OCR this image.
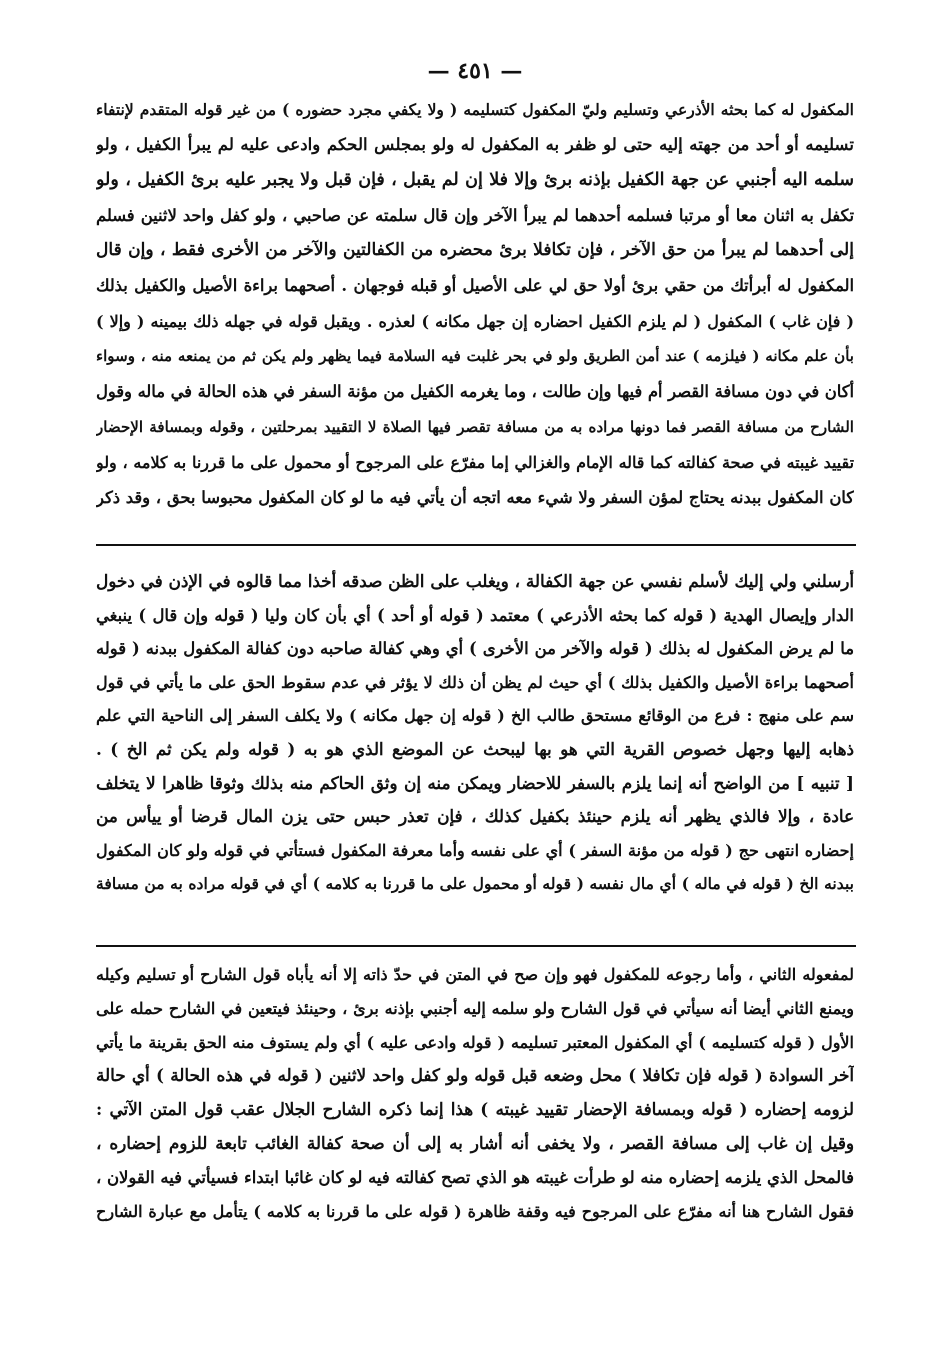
— ٤٥١ —
المكفول له كما بحثه الأذرعي وتسليم وليّ المكفول كتسليمه ( ولا يكفي مجرد حضوره ) من غير قوله المتقدم لإنتفاء
تسليمه أو أحد من جهته إليه حتى لو ظفر به المكفول له ولو بمجلس الحكم وادعى عليه لم يبرأ الكفيل ، ولو
سلمه اليه أجنبي عن جهة الكفيل بإذنه برئ وإلا فلا إن لم يقبل ، فإن قبل ولا يجبر عليه برئ الكفيل ، ولو
تكفل به اثنان معا أو مرتبا فسلمه أحدهما لم يبرأ الآخر وإن قال سلمته عن صاحبي ، ولو كفل واحد لاثنين فسلم
إلى أحدهما لم يبرأ من حق الآخر ، فإن تكافلا برئ محضره من الكفالتين والآخر من الأخرى فقط ، وإن قال
المكفول له أبرأتك من حقي برئ أولا حق لي على الأصيل أو قبله فوجهان . أصحهما براءة الأصيل والكفيل بذلك
( فإن غاب ) المكفول ( لم يلزم الكفيل احضاره إن جهل مكانه ) لعذره . ويقبل قوله في جهله ذلك بيمينه ( وإلا )
بأن علم مكانه ( فيلزمه ) عند أمن الطريق ولو في بحر غلبت فيه السلامة فيما يظهر ولم يكن ثم من يمنعه منه ، وسواء
أكان في دون مسافة القصر أم فيها وإن طالت ، وما يغرمه الكفيل من مؤنة السفر في هذه الحالة في ماله وقول
الشارح من مسافة القصر فما دونها مراده به من مسافة تقصر فيها الصلاة لا التقييد بمرحلتين ، وقوله وبمسافة الإحضار
تقييد غيبته في صحة كفالته كما قاله الإمام والغزالي إما مفرّع على المرجوح أو محمول على ما قررنا به كلامه ، ولو
كان المكفول ببدنه يحتاج لمؤن السفر ولا شيء معه اتجه أن يأتي فيه ما لو كان المكفول محبوسا بحق ، وقد ذكر
أرسلني ولي إليك لأسلم نفسي عن جهة الكفالة ، ويغلب على الظن صدقه أخذا مما قالوه في الإذن في دخول
الدار وإيصال الهدية ( قوله كما بحثه الأذرعي ) معتمد ( قوله أو أحد ) أي بأن كان وليا ( قوله وإن قال ) ينبغي
ما لم يرض المكفول له بذلك ( قوله والآخر من الأخرى ) أي وهي كفالة صاحبه دون كفالة المكفول ببدنه ( قوله
أصحهما براءة الأصيل والكفيل بذلك ) أي حيث لم يظن أن ذلك لا يؤثر في عدم سقوط الحق على ما يأتي في قول
سم على منهج : فرع من الوقائع مستحق طالب الخ ( قوله إن جهل مكانه ) ولا يكلف السفر إلى الناحية التي علم
ذهابه إليها وجهل خصوص القرية التي هو بها ليبحث عن الموضع الذي هو به ( قوله ولم يكن ثم الخ ) .
[ تنبيه ] من الواضح أنه إنما يلزم بالسفر للاحضار ويمكن منه إن وثق الحاكم منه بذلك وثوقا ظاهرا لا يتخلف
عادة ، وإلا فالذي يظهر أنه يلزم حينئذ بكفيل كذلك ، فإن تعذر حبس حتى يزن المال قرضا أو ييأس من
إحضاره انتهى حج ( قوله من مؤنة السفر ) أي على نفسه وأما معرفة المكفول فستأتي في قوله ولو كان المكفول
ببدنه الخ ( قوله في ماله ) أي مال نفسه ( قوله أو محمول على ما قررنا به كلامه ) أي في قوله مراده به من مسافة
لمفعوله الثاني ، وأما رجوعه للمكفول فهو وإن صح في المتن في حدّ ذاته إلا أنه يأباه قول الشارح أو تسليم وكيله
ويمنع الثاني أيضا أنه سيأتي في قول الشارح ولو سلمه إليه أجنبي بإذنه برئ ، وحينئذ فيتعين في الشارح حمله على
الأول ( قوله كتسليمه ) أي المكفول المعتبر تسليمه ( قوله وادعى عليه ) أي ولم يستوف منه الحق بقرينة ما يأتي
آخر السوادة ( قوله فإن تكافلا ) محل وضعه قبل قوله ولو كفل واحد لاثنين ( قوله في هذه الحالة ) أي حالة
لزومه إحضاره ( قوله وبمسافة الإحضار تقييد غيبته ) هذا إنما ذكره الشارح الجلال عقب قول المتن الآتي :
وقيل إن غاب إلى مسافة القصر ، ولا يخفى أنه أشار به إلى أن صحة كفالة الغائب تابعة للزوم إحضاره ،
فالمحل الذي يلزمه إحضاره منه لو طرأت غيبته هو الذي تصح كفالته فيه لو كان غائبا ابتداء فسيأتي فيه القولان ،
فقول الشارح هنا أنه مفرّع على المرجوح فيه وقفة ظاهرة ( قوله على ما قررنا به كلامه ) يتأمل مع عبارة الشارح
